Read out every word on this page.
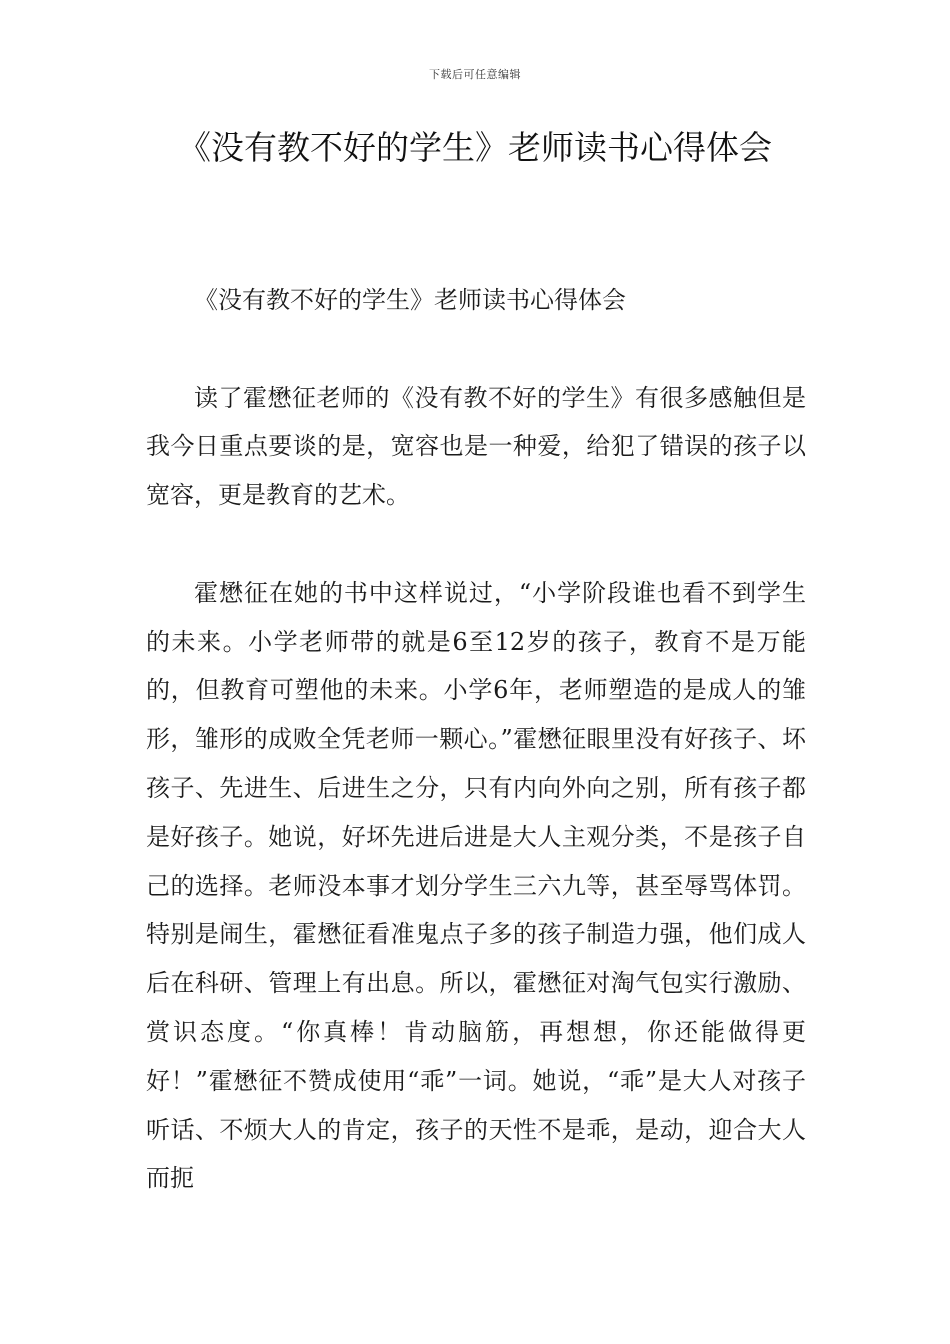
下载后可任意编辑
《没有教不好的学生》老师读书心得体会

《没有教不好的学生》老师读书心得体会

读了霍懋征老师的《没有教不好的学生》有很多感触但是我今日重点要谈的是，宽容也是一种爱，给犯了错误的孩子以宽容，更是教育的艺术。

霍懋征在她的书中这样说过，“小学阶段谁也看不到学生的未来。小学老师带的就是6至12岁的孩子，教育不是万能的，但教育可塑他的未来。小学6年，老师塑造的是成人的雏形，雏形的成败全凭老师一颗心。”霍懋征眼里没有好孩子、坏孩子、先进生、后进生之分，只有内向外向之别，所有孩子都是好孩子。她说，好坏先进后进是大人主观分类，不是孩子自己的选择。老师没本事才划分学生三六九等，甚至辱骂体罚。特别是闹生，霍懋征看准鬼点子多的孩子制造力强，他们成人后在科研、管理上有出息。所以，霍懋征对淘气包实行激励、赏识态度。“你真棒！肯动脑筋，再想想，你还能做得更好！”霍懋征不赞成使用“乖”一词。她说，“乖”是大人对孩子听话、不烦大人的肯定，孩子的天性不是乖，是动，迎合大人而扼
